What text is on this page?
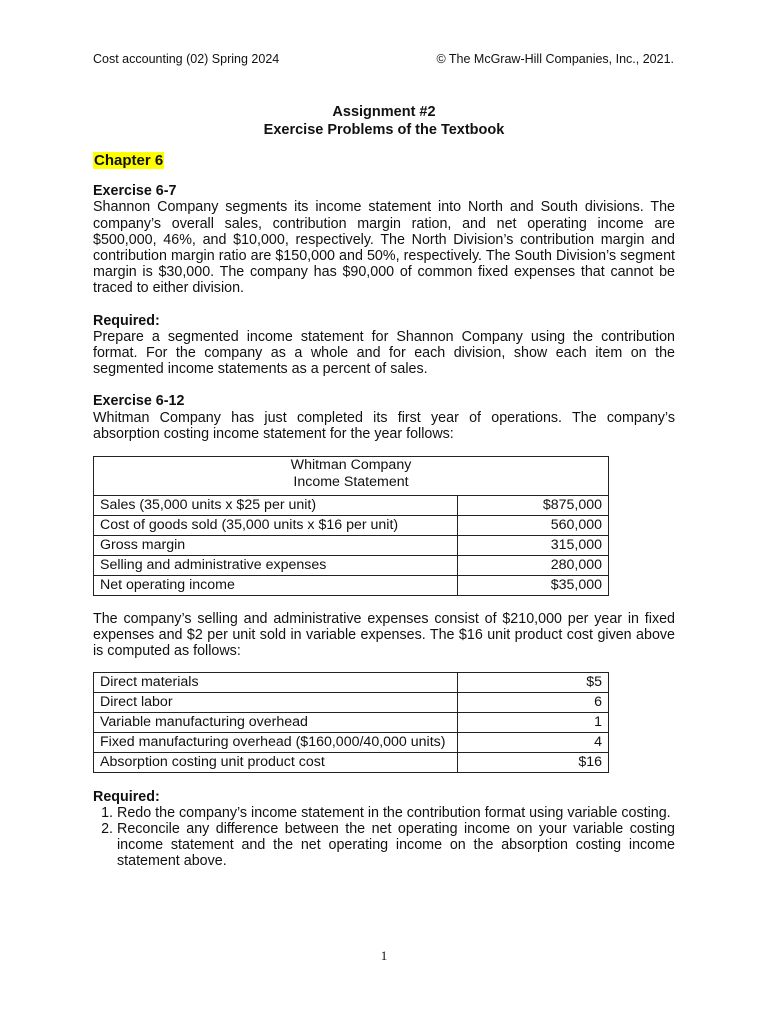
Cost accounting (02) Spring 2024	© The McGraw-Hill Companies, Inc., 2021.
Assignment #2
Exercise Problems of the Textbook
Chapter 6
Exercise 6-7

Shannon Company segments its income statement into North and South divisions. The company’s overall sales, contribution margin ration, and net operating income are $500,000, 46%, and $10,000, respectively. The North Division’s contribution margin and contribution margin ratio are $150,000 and 50%, respectively. The South Division’s segment margin is $30,000. The company has $90,000 of common fixed expenses that cannot be traced to either division.

Required:

Prepare a segmented income statement for Shannon Company using the contribution format. For the company as a whole and for each division, show each item on the segmented income statements as a percent of sales.

Exercise 6-12

Whitman Company has just completed its first year of operations. The company’s absorption costing income statement for the year follows:

Whitman Company
Income Statement	

Sales (35,000 units x $25 per unit)	$875,000
Cost of goods sold (35,000 units x $16 per unit)	560,000
Gross margin	315,000
Selling and administrative expenses	280,000
Net operating income	$35,000

The company’s selling and administrative expenses consist of $210,000 per year in fixed expenses and $2 per unit sold in variable expenses. The $16 unit product cost given above is computed as follows:

Direct materials	$5
Direct labor	6
Variable manufacturing overhead	1
Fixed manufacturing overhead ($160,000/40,000 units)	4
Absorption costing unit product cost	$16
Required:
1. Redo the company’s income statement in the contribution format using variable costing.
2. Reconcile any difference between the net operating income on your variable costing income statement and the net operating income on the absorption costing income statement above.
1
